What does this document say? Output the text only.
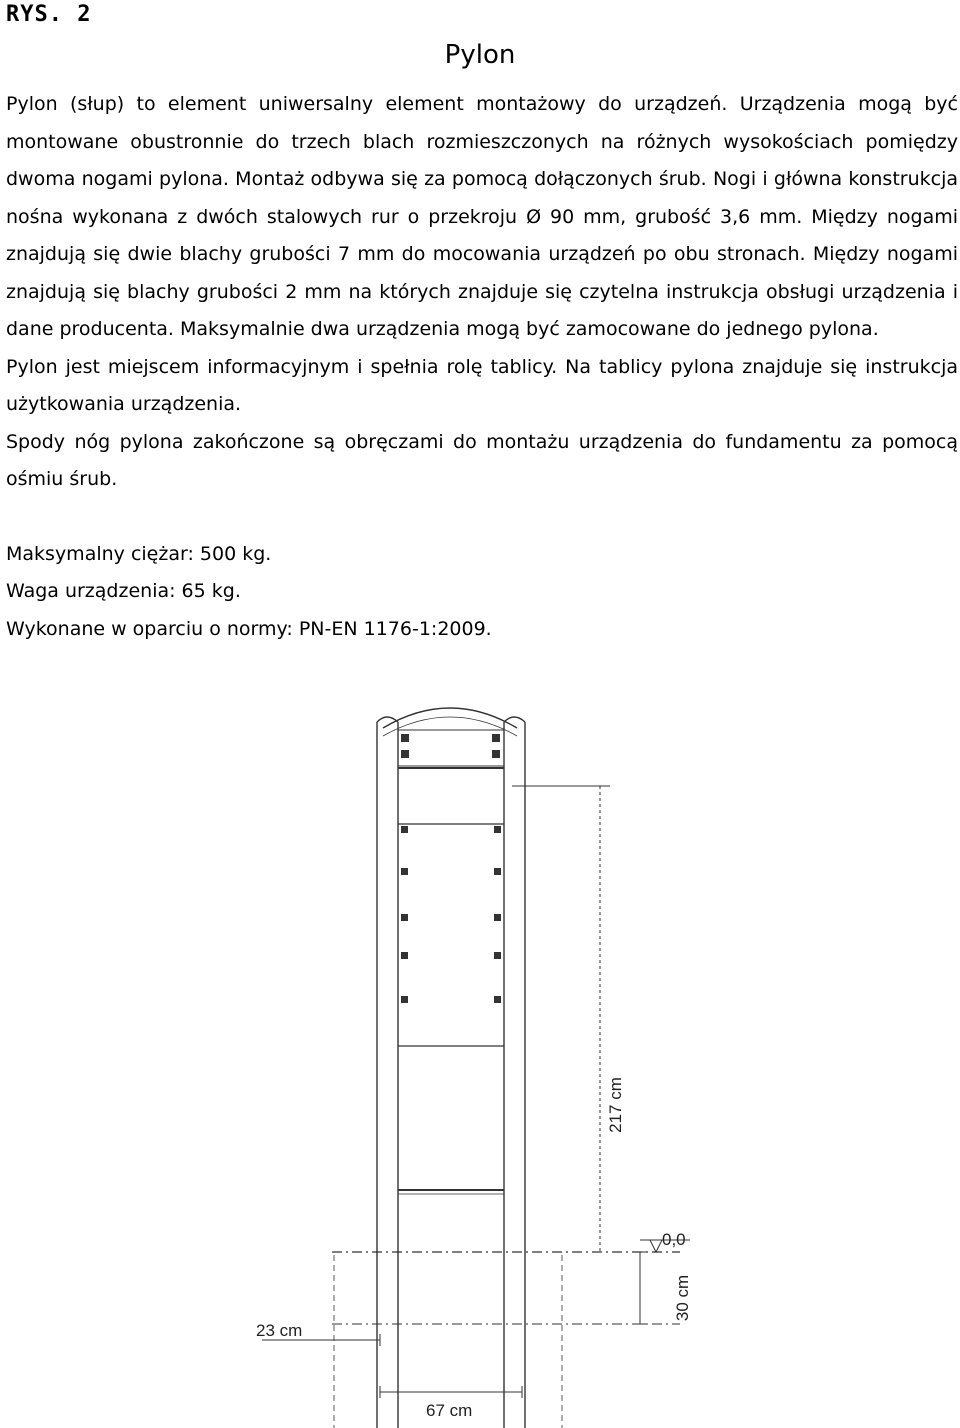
RYS. 2
Pylon

Pylon (słup) to element uniwersalny element montażowy do urządzeń. Urządzenia mogą być montowane obustronnie do trzech blach rozmieszczonych na różnych wysokościach pomiędzy dwoma nogami pylona. Montaż odbywa się za pomocą dołączonych śrub. Nogi i główna konstrukcja nośna wykonana z dwóch stalowych rur o przekroju Ø 90 mm, grubość 3,6 mm. Między nogami znajdują się dwie blachy grubości 7 mm do mocowania urządzeń po obu stronach. Między nogami znajdują się blachy grubości 2 mm na których znajduje się czytelna instrukcja obsługi urządzenia i dane producenta. Maksymalnie dwa urządzenia mogą być zamocowane do jednego pylona.

Pylon jest miejscem informacyjnym i spełnia rolę tablicy. Na tablicy pylona znajduje się instrukcja użytkowania urządzenia.

Spody nóg pylona zakończone są obręczami do montażu urządzenia do fundamentu za pomocą ośmiu śrub.

Maksymalny ciężar: 500 kg.

Waga urządzenia: 65 kg.

Wykonane w oparciu o normy: PN-EN 1176-1:2009.

217 cm
0,0
30 cm
23 cm
67 cm
